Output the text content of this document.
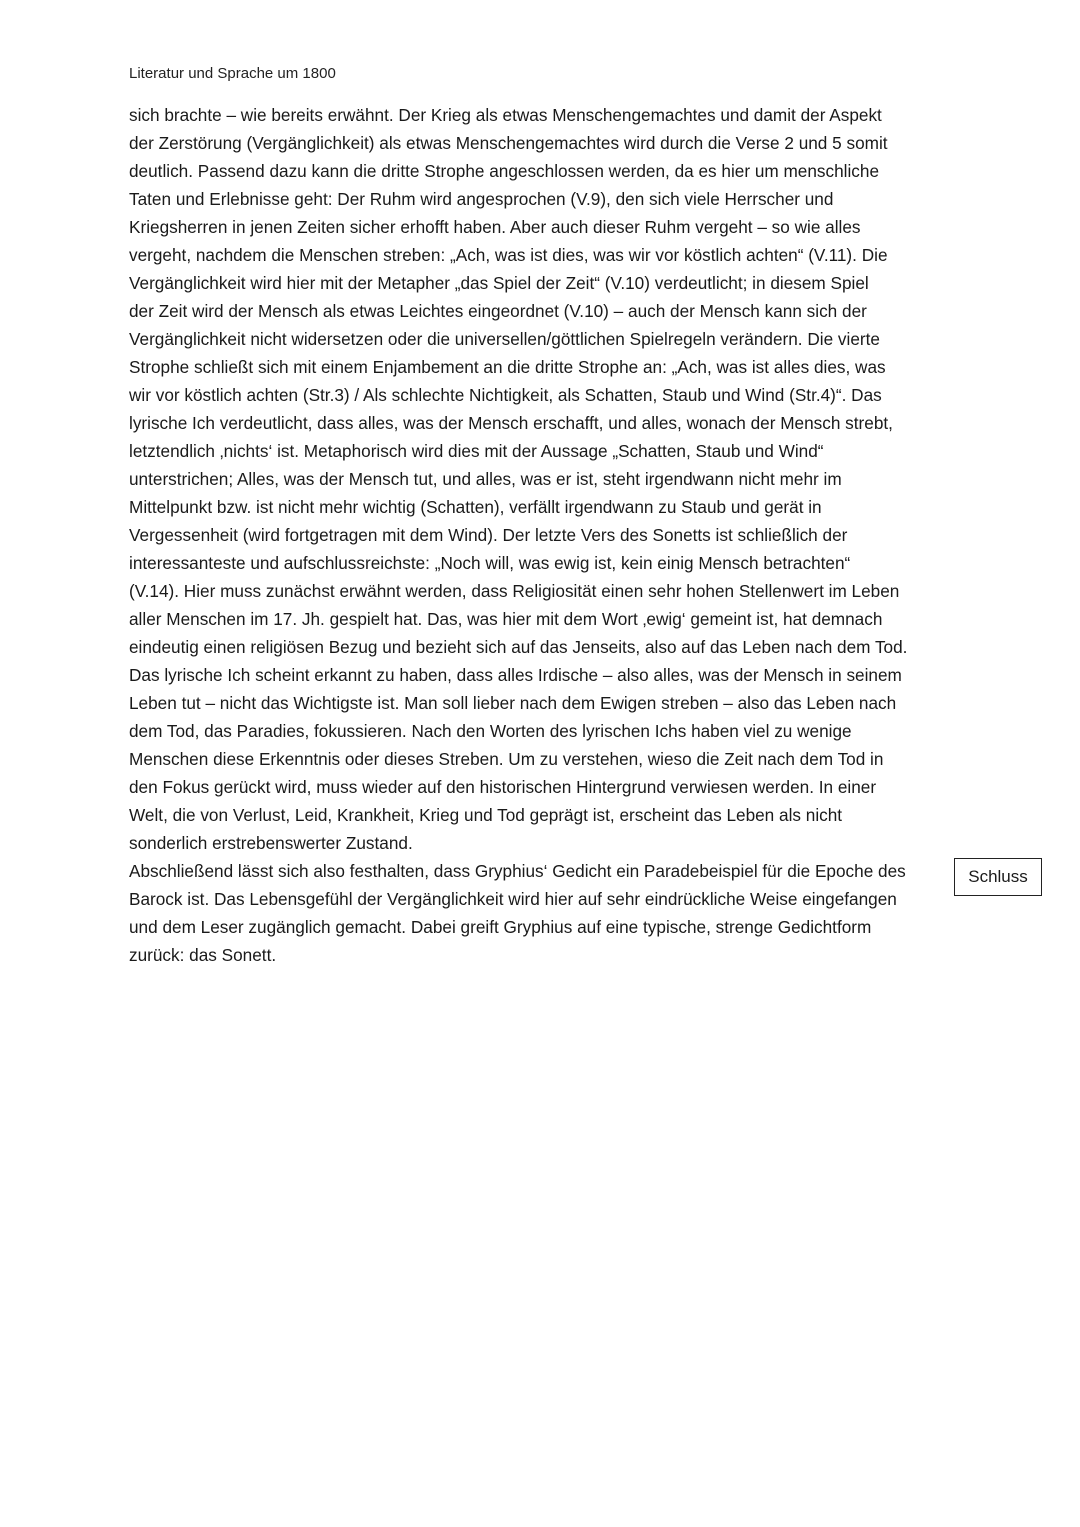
Literatur und Sprache um 1800
sich brachte – wie bereits erwähnt. Der Krieg als etwas Menschengemachtes und damit der Aspekt
der Zerstörung (Vergänglichkeit) als etwas Menschengemachtes wird durch die Verse 2 und 5 somit
deutlich. Passend dazu kann die dritte Strophe angeschlossen werden, da es hier um menschliche
Taten und Erlebnisse geht: Der Ruhm wird angesprochen (V.9), den sich viele Herrscher und
Kriegsherren in jenen Zeiten sicher erhofft haben. Aber auch dieser Ruhm vergeht – so wie alles
vergeht, nachdem die Menschen streben: „Ach, was ist dies, was wir vor köstlich achten“ (V.11). Die
Vergänglichkeit wird hier mit der Metapher „das Spiel der Zeit“ (V.10) verdeutlicht; in diesem Spiel
der Zeit wird der Mensch als etwas Leichtes eingeordnet (V.10) – auch der Mensch kann sich der
Vergänglichkeit nicht widersetzen oder die universellen/göttlichen Spielregeln verändern. Die vierte
Strophe schließt sich mit einem Enjambement an die dritte Strophe an: „Ach, was ist alles dies, was
wir vor köstlich achten (Str.3) / Als schlechte Nichtigkeit, als Schatten, Staub und Wind (Str.4)“. Das
lyrische Ich verdeutlicht, dass alles, was der Mensch erschafft, und alles, wonach der Mensch strebt,
letztendlich ‚nichts‘ ist. Metaphorisch wird dies mit der Aussage „Schatten, Staub und Wind“
unterstrichen; Alles, was der Mensch tut, und alles, was er ist, steht irgendwann nicht mehr im
Mittelpunkt bzw. ist nicht mehr wichtig (Schatten), verfällt irgendwann zu Staub und gerät in
Vergessenheit (wird fortgetragen mit dem Wind). Der letzte Vers des Sonetts ist schließlich der
interessanteste und aufschlussreichste: „Noch will, was ewig ist, kein einig Mensch betrachten“
(V.14). Hier muss zunächst erwähnt werden, dass Religiosität einen sehr hohen Stellenwert im Leben
aller Menschen im 17. Jh. gespielt hat. Das, was hier mit dem Wort ‚ewig‘ gemeint ist, hat demnach
eindeutig einen religiösen Bezug und bezieht sich auf das Jenseits, also auf das Leben nach dem Tod.
Das lyrische Ich scheint erkannt zu haben, dass alles Irdische – also alles, was der Mensch in seinem
Leben tut – nicht das Wichtigste ist. Man soll lieber nach dem Ewigen streben – also das Leben nach
dem Tod, das Paradies, fokussieren. Nach den Worten des lyrischen Ichs haben viel zu wenige
Menschen diese Erkenntnis oder dieses Streben. Um zu verstehen, wieso die Zeit nach dem Tod in
den Fokus gerückt wird, muss wieder auf den historischen Hintergrund verwiesen werden. In einer
Welt, die von Verlust, Leid, Krankheit, Krieg und Tod geprägt ist, erscheint das Leben als nicht
sonderlich erstrebenswerter Zustand.
Abschließend lässt sich also festhalten, dass Gryphius‘ Gedicht ein Paradebeispiel für die Epoche des
Barock ist. Das Lebensgefühl der Vergänglichkeit wird hier auf sehr eindrückliche Weise eingefangen
und dem Leser zugänglich gemacht. Dabei greift Gryphius auf eine typische, strenge Gedichtform
zurück: das Sonett.
Schluss
